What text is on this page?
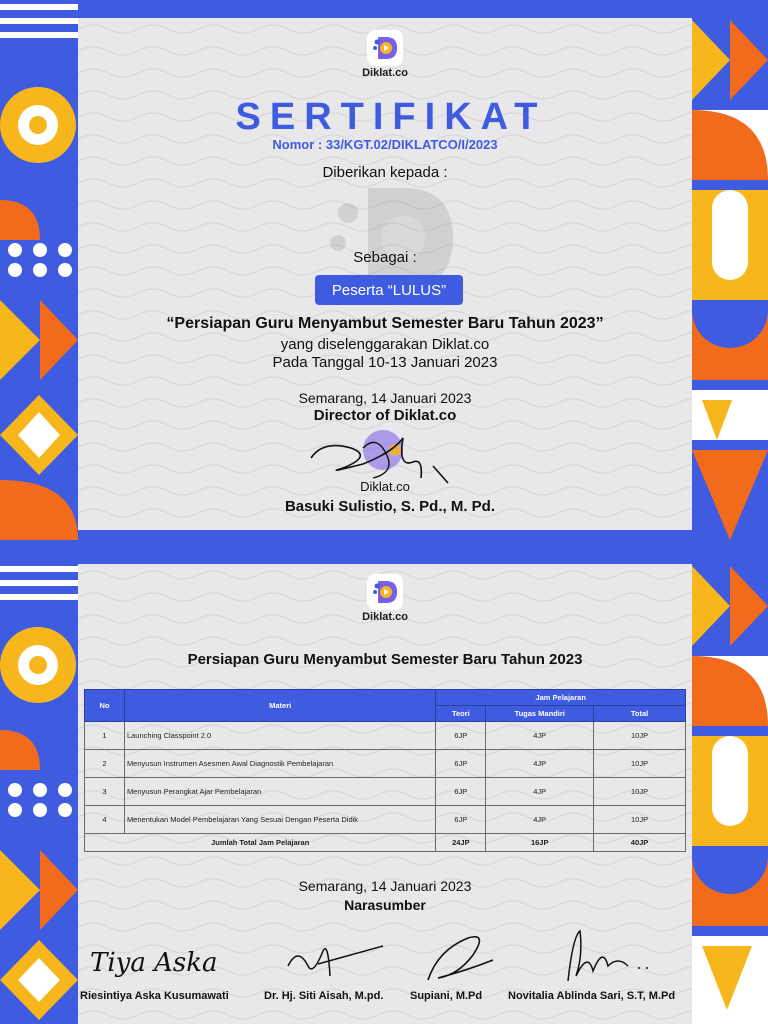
Diklat.co
SERTIFIKAT
Nomor : 33/KGT.02/DIKLATCO/I/2023
Diberikan kepada :
Sebagai :
Peserta “LULUS”
“Persiapan Guru Menyambut Semester Baru Tahun 2023”
yang diselenggarakan Diklat.co
Pada Tanggal 10-13 Januari 2023
Semarang, 14 Januari 2023
Director of Diklat.co
Diklat.co
Basuki Sulistio, S. Pd., M. Pd.
Diklat.co
Persiapan Guru Menyambut Semester Baru Tahun 2023
No	Materi	Jam Pelajaran		
		Teori	Tugas Mandiri	Total
1	Launching Classpoint 2.0	6JP	4JP	10JP
2	Menyusun Instrumen Asesmen Awal Diagnostik Pembelajaran	6JP	4JP	10JP
3	Menyusun Perangkat Ajar Pembelajaran	6JP	4JP	10JP
4	Menentukan Model Pembelajaran Yang Sesuai Dengan Peserta Didik	6JP	4JP	10JP
Jumlah Total Jam Pelajaran		24JP	16JP	40JP
Semarang, 14 Januari 2023
Narasumber
Tiya Aska
Riesintiya Aska Kusumawati	Dr. Hj. Siti Aisah, M.pd. Supiani, M.Pd Novitalia Ablinda Sari, S.T, M.Pd
